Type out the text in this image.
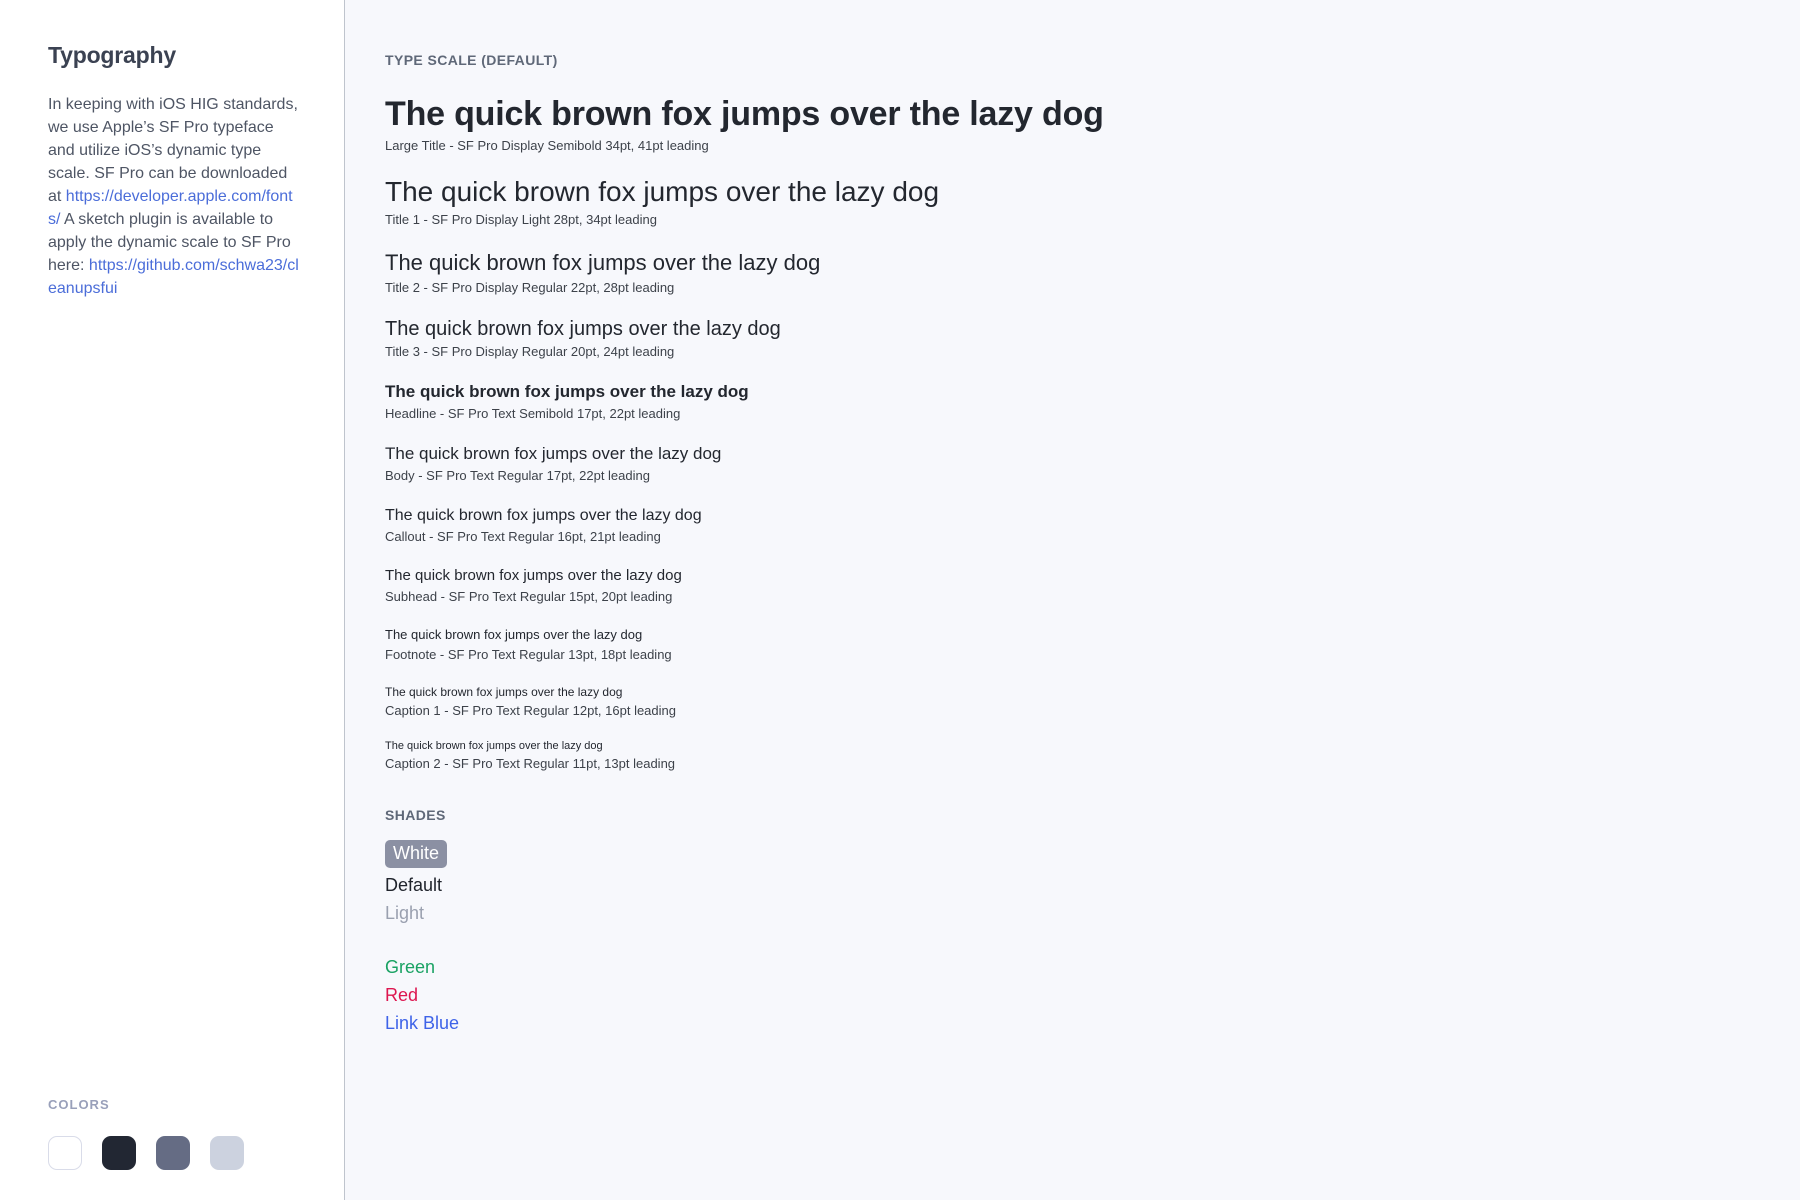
Typography

In keeping with iOS HIG standards, we use Apple’s SF Pro typeface and utilize iOS’s dynamic type scale. SF Pro can be downloaded at https://developer.apple.com/fonts/ A sketch plugin is available to apply the dynamic scale to SF Pro here: https://github.com/schwa23/cleanupsfui

COLORS
TYPE SCALE (DEFAULT)
The quick brown fox jumps over the lazy dog
Large Title - SF Pro Display Semibold 34pt, 41pt leading
The quick brown fox jumps over the lazy dog
Title 1 - SF Pro Display Light 28pt, 34pt leading
The quick brown fox jumps over the lazy dog
Title 2 - SF Pro Display Regular 22pt, 28pt leading
The quick brown fox jumps over the lazy dog
Title 3 - SF Pro Display Regular 20pt, 24pt leading
The quick brown fox jumps over the lazy dog
Headline - SF Pro Text Semibold 17pt, 22pt leading
The quick brown fox jumps over the lazy dog
Body - SF Pro Text Regular 17pt, 22pt leading
The quick brown fox jumps over the lazy dog
Callout - SF Pro Text Regular 16pt, 21pt leading
The quick brown fox jumps over the lazy dog
Subhead - SF Pro Text Regular 15pt, 20pt leading
The quick brown fox jumps over the lazy dog
Footnote - SF Pro Text Regular 13pt, 18pt leading
The quick brown fox jumps over the lazy dog
Caption 1 - SF Pro Text Regular 12pt, 16pt leading
The quick brown fox jumps over the lazy dog
Caption 2 - SF Pro Text Regular 11pt, 13pt leading
SHADES
White
Default
Light
Green
Red
Link Blue
